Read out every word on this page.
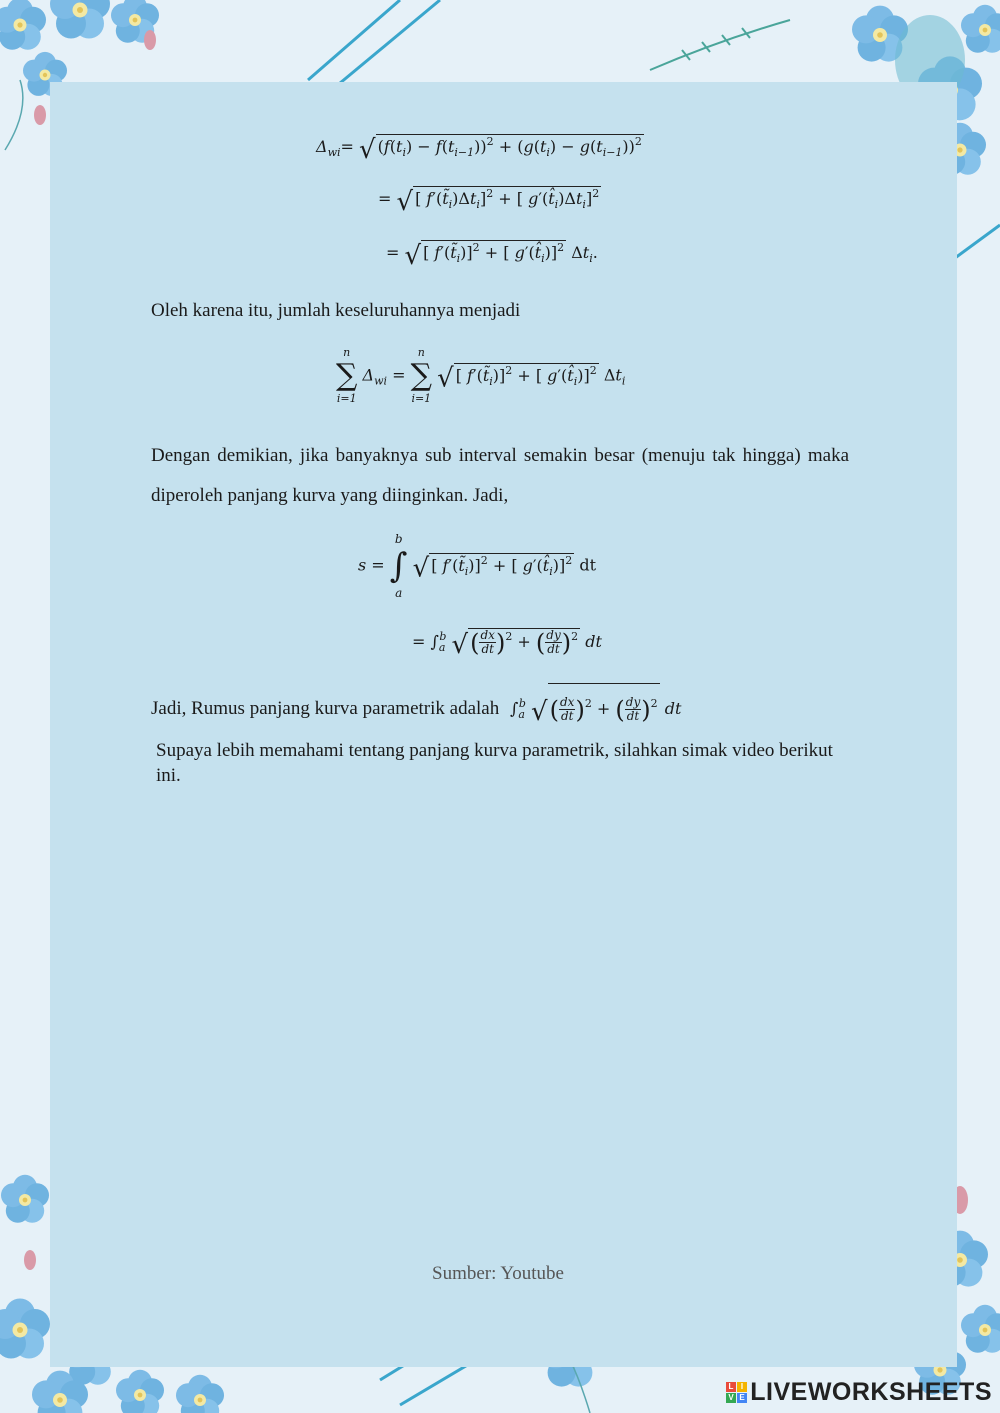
$\Delta_{wi}=$ √ $(f(t_i) - f(t_{i-1}))^2 + (g(t_i) - g(t_{i-1}))^2$
= √ [ $f'(t̃_i)\Delta t_i]^2$ + [ $g'(t̂_i)\Delta t_i]^2$
= √ [ $f'(t̃_i)]^2$ + [ $g'(t̂_i)]^2$ $\Delta t_i$.
Oleh karena itu, jumlah keseluruhannya menjadi
n
∑
i=1
$\Delta_{wi}$ =
n
∑
i=1
√ [ $f'(t̃_i)]^2$ + [ $g'(t̂_i)]^2$ $\Delta t_i$
Dengan demikian, jika banyaknya sub interval semakin besar (menuju tak hingga) maka diperoleh panjang kurva yang diinginkan. Jadi,
s =
b
∫
a
√ [ $f'(t̃_i)]^2$ + [ $g'(t̂_i)]^2$ dt
= $\int_a^b$ √( $\frac{dx}{dt} )^2$ + ( $\frac{dy}{dt} )^2$ dt
Jadi, Rumus panjang kurva parametrik adalah $\int_a^b$ √( $\frac{dx}{dt} )^2$ + ( $\frac{dy}{dt} )^2$ dt
Supaya lebih memahami tentang panjang kurva parametrik, silahkan simak video berikut ini.
Sumber: Youtube
L I
V E LIVEWORKSHEETS
